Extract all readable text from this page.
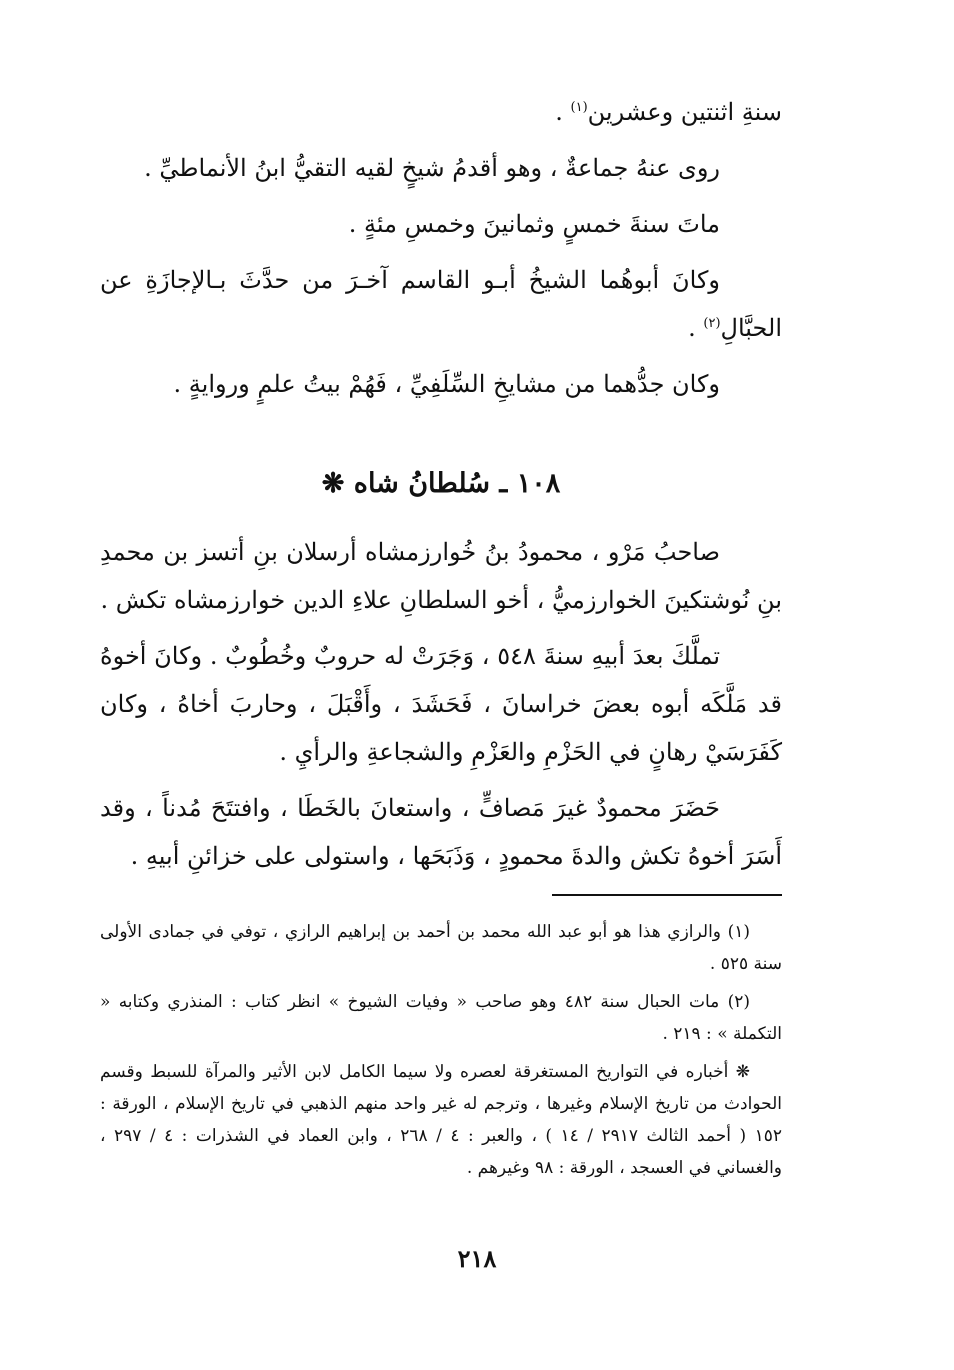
سنةِ اثنتين وعشرين$^{(١)}$ .

روى عنهُ جماعةٌ ، وهو أقدمُ شيخٍ لقيه التقيُّ ابنُ الأنماطيِّ .

ماتَ سنةَ خمسٍ وثمانينَ وخمسِ مئةٍ .

وكانَ أبوهُما الشيخُ أبـو القاسم آخـرَ من حدَّثَ بـالإجازَةِ عن الحبَّالِ$^{(٢)}$ .

وكان جدُّهما من مشايخِ السِّلَفِيِّ ، فَهُمْ بيتُ علمٍ وروايةٍ .

١٠٨ ـ سُلطانُ شاه ❋

صاحبُ مَرْو ، محمودُ بنُ خُوارزمشاه أرسلان بنِ أتسز بن محمدِ بنِ نُوشتكينَ الخوارزميُّ ، أخو السلطانِ علاءِ الدين خوارزمشاه تكش .

تملَّكَ بعدَ أبيهِ سنةَ ٥٤٨ ، وَجَرَتْ له حروبٌ وخُطُوبٌ . وكانَ أخوهُ قد مَلَّكَه أبوه بعضَ خراسانَ ، فَحَشَدَ ، وأَقْبَلَ ، وحاربَ أخاهُ ، وكان كَفَرَسَيْ رهانٍ في الحَزْمِ والعَزْمِ والشجاعةِ والرأيِ .

حَضَرَ محمودٌ غيرَ مَصافٍّ ، واستعانَ بالخَطَا ، وافتتَحَ مُدناً ، وقد أَسَرَ أخوهُ تكش والدةَ محمودٍ ، وَذَبَحَها ، واستولى على خزائنِ أبيهِ .

(١) والرازي هذا هو أبو عبد الله محمد بن أحمد بن إبراهيم الرازي ، توفي في جمادى الأولى سنة ٥٢٥ .

(٢) مات الحبال سنة ٤٨٢ وهو صاحب « وفيات الشيوخ » انظر كتاب : المنذري وكتابه « التكملة » : ٢١٩ .

❋ أخباره في التواريخ المستغرقة لعصره ولا سيما الكامل لابن الأثير والمرآة للسبط وقسم الحوادث من تاريخ الإسلام وغيرها ، وترجم له غير واحد منهم الذهبي في تاريخ الإسلام ، الورقة : ١٥٢ ( أحمد الثالث ٢٩١٧ / ١٤ ) ، والعبر : ٤ / ٢٦٨ ، وابن العماد في الشذرات : ٤ / ٢٩٧ ، والغساني في العسجد ، الورقة : ٩٨ وغيرهم .

٢١٨
